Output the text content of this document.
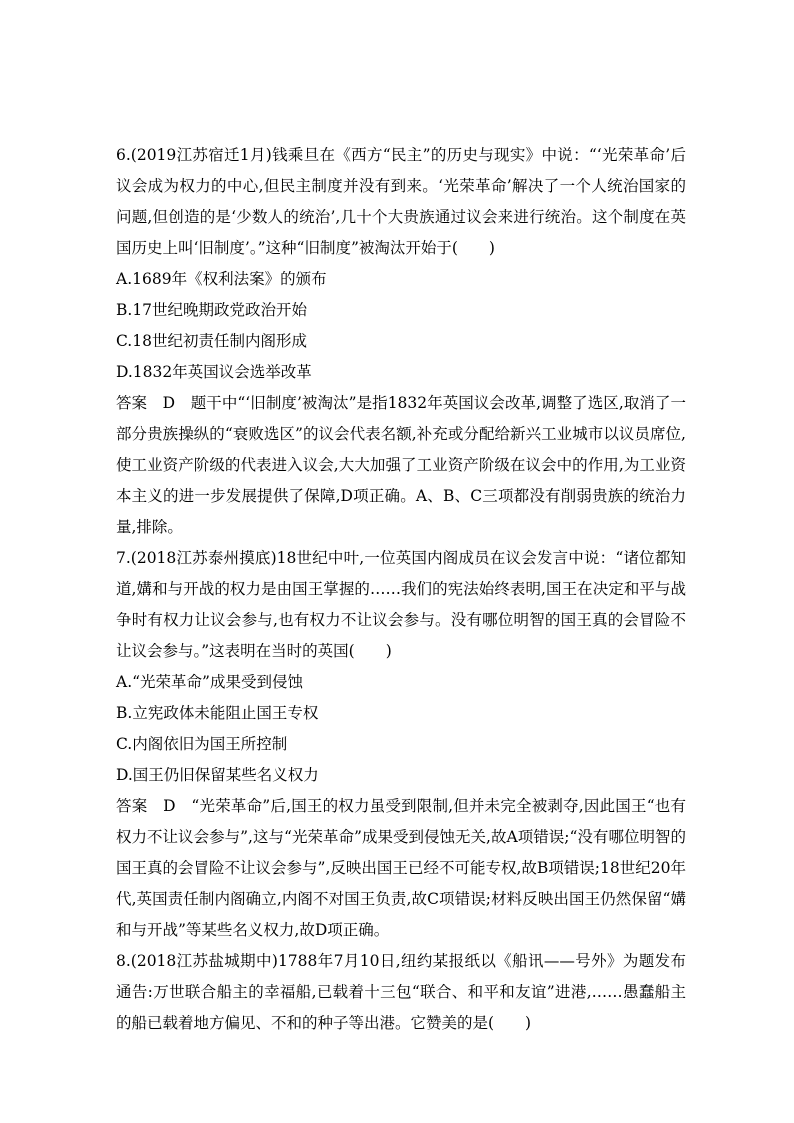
6.(2019江苏宿迁1月)钱乘旦在《西方“民主”的历史与现实》中说：“‘光荣革命’后议会成为权力的中心,但民主制度并没有到来。‘光荣革命’解决了一个人统治国家的问题,但创造的是‘少数人的统治’,几十个大贵族通过议会来进行统治。这个制度在英国历史上叫‘旧制度’。”这种“旧制度”被淘汰开始于(　　)

A.1689年《权利法案》的颁布

B.17世纪晚期政党政治开始

C.18世纪初责任制内阁形成

D.1832年英国议会选举改革

答案　D　题干中“‘旧制度’被淘汰”是指1832年英国议会改革,调整了选区,取消了一部分贵族操纵的“衰败选区”的议会代表名额,补充或分配给新兴工业城市以议员席位,使工业资产阶级的代表进入议会,大大加强了工业资产阶级在议会中的作用,为工业资本主义的进一步发展提供了保障,D项正确。A、B、C三项都没有削弱贵族的统治力量,排除。

7.(2018江苏泰州摸底)18世纪中叶,一位英国内阁成员在议会发言中说：“诸位都知道,媾和与开战的权力是由国王掌握的……我们的宪法始终表明,国王在决定和平与战争时有权力让议会参与,也有权力不让议会参与。没有哪位明智的国王真的会冒险不让议会参与。”这表明在当时的英国(　　)

A.“光荣革命”成果受到侵蚀

B.立宪政体未能阻止国王专权

C.内阁依旧为国王所控制

D.国王仍旧保留某些名义权力

答案　D　“光荣革命”后,国王的权力虽受到限制,但并未完全被剥夺,因此国王“也有权力不让议会参与”,这与“光荣革命”成果受到侵蚀无关,故A项错误;“没有哪位明智的国王真的会冒险不让议会参与”,反映出国王已经不可能专权,故B项错误;18世纪20年代,英国责任制内阁确立,内阁不对国王负责,故C项错误;材料反映出国王仍然保留“媾和与开战”等某些名义权力,故D项正确。

8.(2018江苏盐城期中)1788年7月10日,纽约某报纸以《船讯——号外》为题发布通告:万世联合船主的幸福船,已载着十三包“联合、和平和友谊”进港,……愚蠢船主的船已载着地方偏见、不和的种子等出港。它赞美的是(　　)
